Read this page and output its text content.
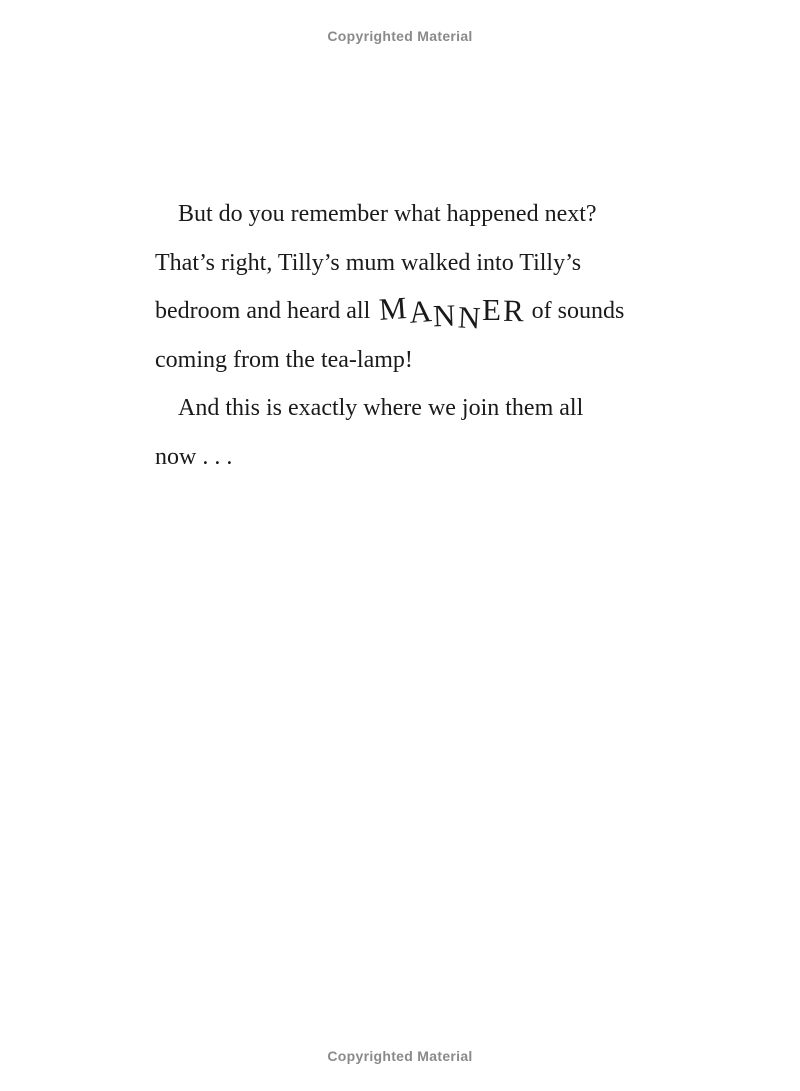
Copyrighted Material
But do you remember what happened next?
That’s right, Tilly’s mum walked into Tilly’s
bedroom and heard all MANNER of sounds
coming from the tea-lamp!
And this is exactly where we join them all
now . . .
Copyrighted Material
